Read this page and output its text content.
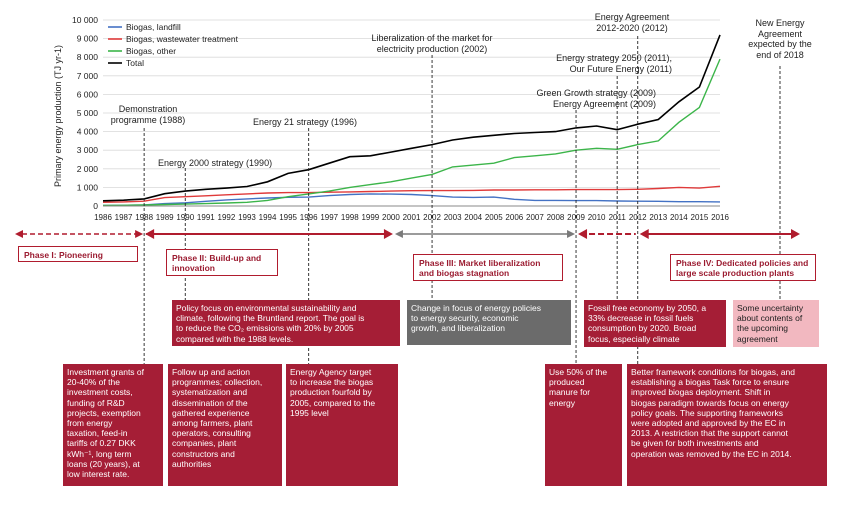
0
1 000
2 000
3 000
4 000
5 000
6 000
7 000
8 000
9 000
10 000
Primary energy production (TJ yr-1)
1986 1987 1988 1989 1990 1991 1992 1993 1994 1995 1996 1997 1998 1999 2000 2001 2002 2003 2004 2005 2006 2007 2008 2009 2010 2011 2012 2013 2014 2015 2016
Biogas, landfill
Biogas, wastewater treatment
Biogas, other
Total
Demonstration
programme (1988)
Energy 2000 strategy (1990)
Energy 21 strategy (1996)
Liberalization of the market for
electricity production (2002)
Energy Agreement
2012-2020 (2012)	New Energy
Agreement
expected by the
end of 2018
Energy strategy 2050 (2011),
Our Future Energy (2011)
Green Growth strategy (2009)
Energy Agreement (2009)
Phase I: Pioneering	Phase II: Build-up and
innovation	Phase III: Market liberalization
and biogas stagnation
Phase IV: Dedicated policies and
large scale production plants
Policy focus on environmental sustainability and
climate, following the Bruntland report. The goal is
to reduce the CO₂ emissions with 20% by 2005
compared with the 1988 levels.
Change in focus of energy policies
to energy security, economic
growth, and liberalization
Fossil free economy by 2050, a
33% decrease in fossil fuels
consumption by 2020. Broad
focus, especially climate
Some uncertainty
about contents of
the upcoming
agreement
Investment grants of
20-40% of the
investment costs,
funding of R&D
projects, exemption
from energy
taxation, feed-in
tariffs of 0.27 DKK
kWh⁻¹, long term
loans (20 years), at
low interest rate.
Follow up and action
programmes; collection,
systematization and
dissemination of the
gathered experience
among farmers, plant
operators, consulting
companies, plant
constructors and
authorities
Energy Agency target
to increase the biogas
production fourfold by
2005, compared to the
1995 level
Use 50% of the
produced
manure for
energy
Better framework conditions for biogas, and
establishing a biogas Task force to ensure
improved biogas deployment. Shift in
biogas paradigm towards focus on energy
policy goals. The supporting frameworks
were adopted and approved by the EC in
2013. A restriction that the support cannot
be given for both investments and
operation was removed by the EC in 2014.
